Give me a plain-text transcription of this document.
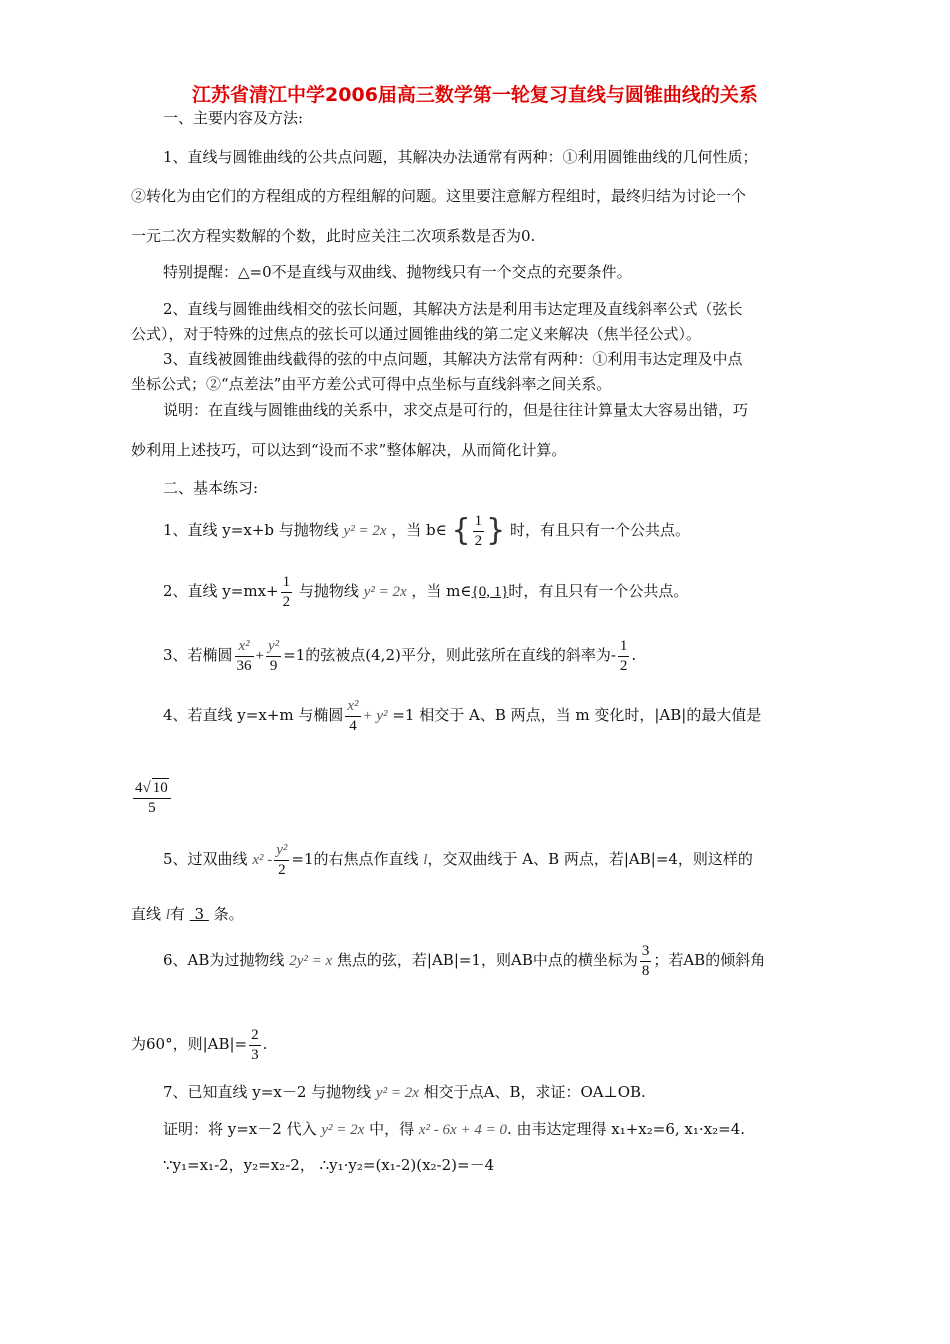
江苏省清江中学2006届高三数学第一轮复习直线与圆锥曲线的关系
一、主要内容及方法:
1、直线与圆锥曲线的公共点问题，其解决办法通常有两种：①利用圆锥曲线的几何性质；
②转化为由它们的方程组成的方程组解的问题。这里要注意解方程组时，最终归结为讨论一个
一元二次方程实数解的个数，此时应关注二次项系数是否为0.
特别提醒：△=0不是直线与双曲线、抛物线只有一个交点的充要条件。
2、直线与圆锥曲线相交的弦长问题，其解决方法是利用韦达定理及直线斜率公式（弦长
公式），对于特殊的过焦点的弦长可以通过圆锥曲线的第二定义来解决（焦半径公式）。
3、直线被圆锥曲线截得的弦的中点问题，其解决方法常有两种：①利用韦达定理及中点
坐标公式；②“点差法”由平方差公式可得中点坐标与直线斜率之间关系。
说明：在直线与圆锥曲线的关系中，求交点是可行的，但是往往计算量太大容易出错，巧
妙利用上述技巧，可以达到“设而不求”整体解决，从而简化计算。
二、基本练习:
1、直线 y=x+b 与抛物线 y² = 2x ，当 b∈ { $\frac{1}{2}$ } 时，有且只有一个公共点。
2、直线 $y=mx+ \frac{1}{2}$ 与抛物线 y² = 2x ，当 m∈{0, 1}时，有且只有一个公共点。
3、若椭圆 $\frac{\text{x²}}{36} + \frac{\text{y²}}{9} =1$的弦被点(4,2)平分，则此弦所在直线的斜率为- $\frac{1}{2}$ .
4、若直线 y=x+m 与椭圆 $\frac{\text{x²}}{4} + y^2 =1$ 相交于 A、B 两点，当 m 变化时，|AB|的最大值是
$\frac{4√ 10}{5}$
5、过双曲线 $x^2 - \frac{\text{y²}}{2} =1$的右焦点作直线 l，交双曲线于 A、B 两点，若|AB|=4，则这样的
直线 l有  3  条。
6、AB为过抛物线 2y² = x 焦点的弦，若|AB|=1，则AB中点的横坐标为 $\frac{3}{8}$ ；若AB的倾斜角
为60°，则$|AB|= \frac{2}{3}$ .
7、已知直线 y=x－2 与抛物线 y² = 2x 相交于点A、B，求证：OA⊥OB.
证明：将 y=x－2 代入 y² = 2x 中，得 x² - 6x + 4 = 0. 由韦达定理得 x₁+x₂=6, x₁·x₂=4.
∵y₁=x₁-2，y₂=x₂-2， ∴y₁·y₂=(x₁-2)(x₂-2)=－4
